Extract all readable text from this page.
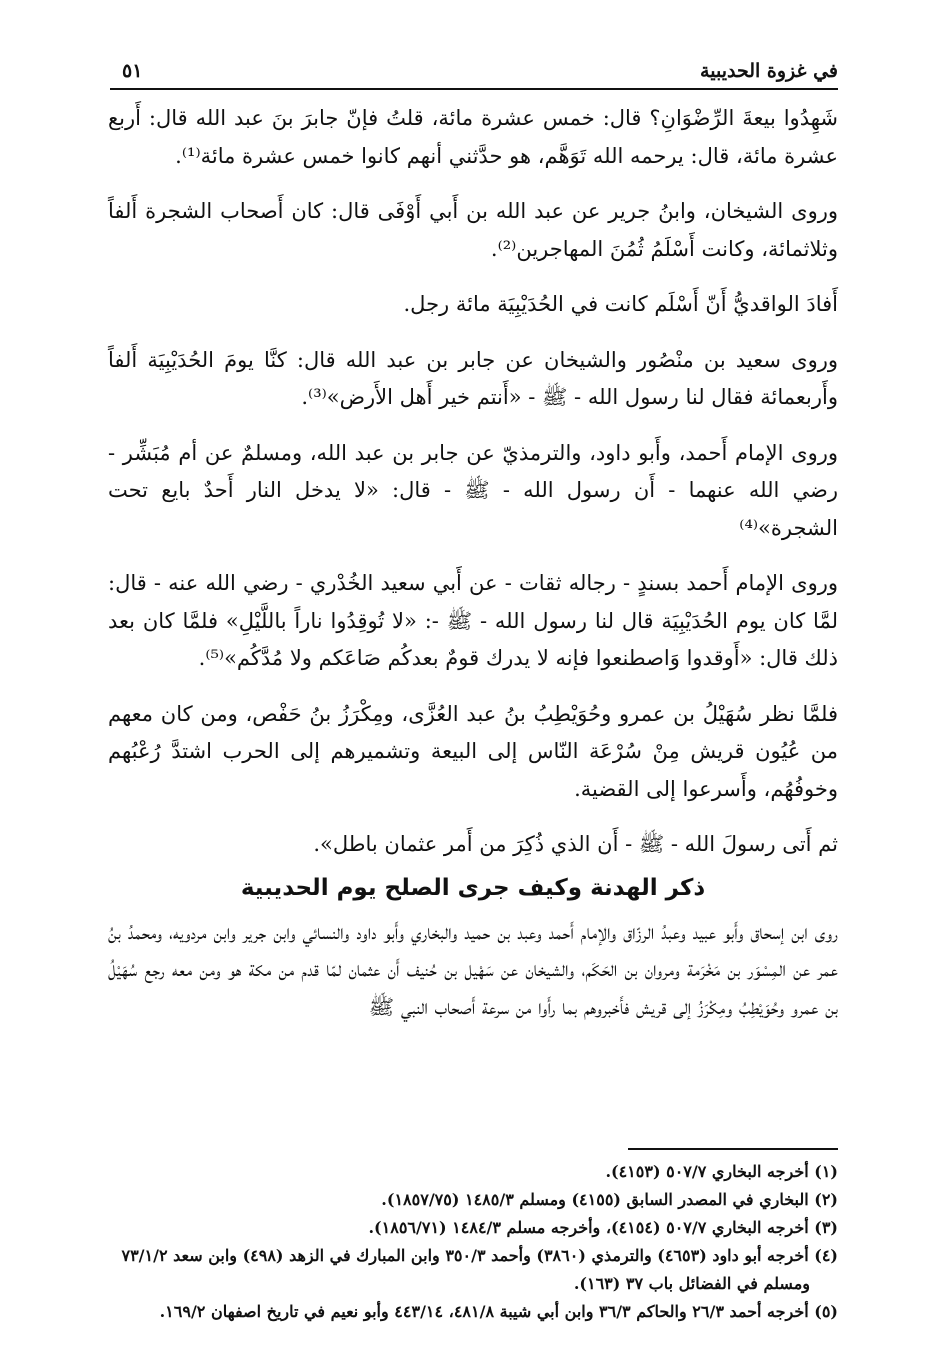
في غزوة الحديبية
٥١

شَهِدُوا بيعةَ الرِّضْوَانِ؟ قال: خمس عشرة مائة، قلتُ فإنّ جابرَ بنَ عبد الله قال: أَربع عشرة مائة، قال: يرحمه الله تَوَهَّم، هو حدَّثني أنهم كانوا خمس عشرة مائة⁽¹⁾.

وروى الشيخان، وابنُ جرير عن عبد الله بن أَبي أَوْفَى قال: كان أَصحاب الشجرة أَلفاً وثلاثمائة، وكانت أَسْلَمُ ثُمُنَ المهاجرين⁽²⁾.

أَفادَ الواقديُّ أَنّ أَسْلَم كانت في الحُدَيْبِيَة مائة رجل.

وروى سعيد بن منْصُور والشيخان عن جابر بن عبد الله قال: كنَّا يومَ الحُدَيْبِيَة أَلفاً وأَربعمائة فقال لنا رسول الله - ﷺ - «أَنتم خير أَهل الأَرض»⁽³⁾.

وروى الإمام أَحمد، وأَبو داود، والترمذيّ عن جابر بن عبد الله، ومسلمٌ عن أم مُبَشِّر - رضي الله عنهما - أَن رسول الله - ﷺ - قال: «لا يدخل النار أَحدٌ بايع تحت الشجرة»⁽⁴⁾

وروى الإمام أَحمد بسندٍ - رجاله ثقات - عن أَبي سعيد الخُدْري - رضي الله عنه - قال: لمَّا كان يوم الحُدَيْبِيَة قال لنا رسول الله - ﷺ -: «لا تُوقِدُوا ناراً باللَّيْلِ» فلمَّا كان بعد ذلك قال: «أَوقدوا وَاصطنعوا فإنه لا يدرك قومٌ بعدكُم صَاعَكم ولا مُدَّكُم»⁽⁵⁾.

فلمَّا نظر سُهَيْلُ بن عمرو وحُوَيْطِبُ بنُ عبد العُزَّى، ومِكْرَزُ بنُ حَفْص، ومن كان معهم من عُيُون قريش مِنْ سُرْعَة النّاس إلى البيعة وتشميرهم إلى الحرب اشتدَّ رُعْبُهم وخوفُهُم، وأَسرعوا إلى القضية.

ثم أَتى رسولَ الله - ﷺ - أَن الذي ذُكِرَ من أَمر عثمان باطل».

ذكر الهدنة وكيف جرى الصلح يوم الحديبية

روى ابن إسحاق وأَبو عبيد وعبدُ الرزّاق والإمام أَحمد وعبد بن حميد والبخاري وأَبو داود والنسائي وابن جرير وابن مردويه، ومحمدُ بنُ عمر عن المِسْوَر بن مَخْرَمة ومروان بن الحَكَم، والشيخان عن سَهْيل بن حُنيف أَن عثمان لمّا قدم من مكة هو ومن معه رجع سُهَيْلُ بن عمرو وحُوَيْطِبُ ومِكْرَزُ إلى قريش فأَخبروهم بما رأَوا من سرعة أَصحاب النبي ﷺ

(١) أخرجه البخاري ٥٠٧/٧ (٤١٥٣).

(٢) البخاري في المصدر السابق (٤١٥٥) ومسلم ١٤٨٥/٣ (١٨٥٧/٧٥).

(٣) أخرجه البخاري ٥٠٧/٧ (٤١٥٤)، وأخرجه مسلم ١٤٨٤/٣ (١٨٥٦/٧١).

(٤) أخرجه أبو داود (٤٦٥٣) والترمذي (٣٨٦٠) وأحمد ٣٥٠/٣ وابن المبارك في الزهد (٤٩٨) وابن سعد ٧٣/١/٢

ومسلم في الفضائل باب ٣٧ (١٦٣).

(٥) أخرجه أحمد ٢٦/٣ والحاكم ٣٦/٣ وابن أبي شيبة ٤٨١/٨، ٤٤٣/١٤ وأبو نعيم في تاريخ اصفهان ١٦٩/٢.
